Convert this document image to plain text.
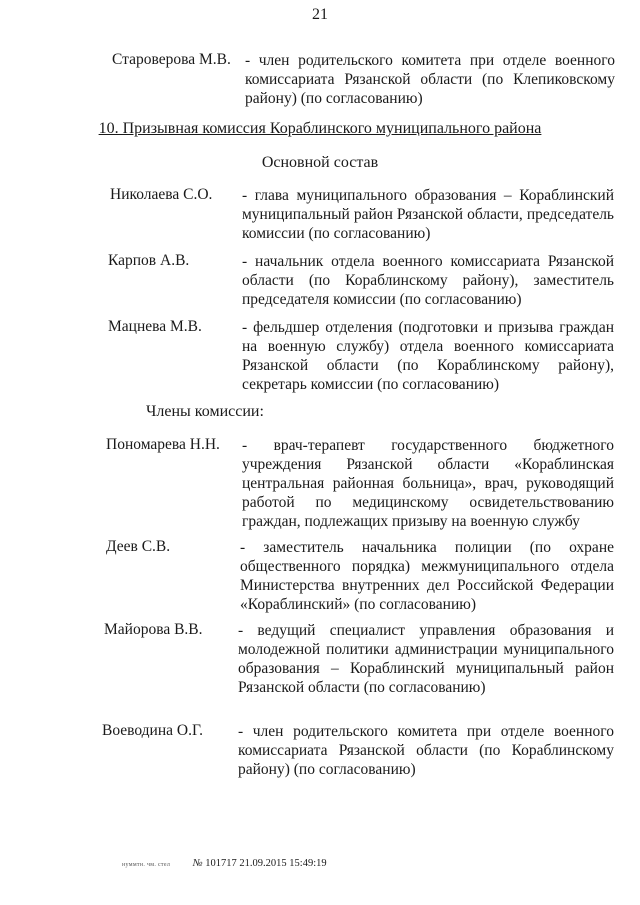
21
Староверова М.В. - член родительского комитета при отделе военного комиссариата Рязанской области (по Клепиковскому району) (по согласованию)
10. Призывная комиссия Кораблинского муниципального района
Основной состав
Николаева С.О. - глава муниципального образования – Кораблинский муниципальный район Рязанской области, председатель комиссии (по согласованию)
Карпов А.В.	- начальник отдела военного комиссариата Рязанской области (по Кораблинскому району), заместитель председателя комиссии (по согласованию)
Мацнева М.В.	- фельдшер отделения (подготовки и призыва граждан на военную службу) отдела военного комиссариата Рязанской области (по Кораблинскому району), секретарь комиссии (по согласованию)
Члены комиссии:
Пономарева Н.Н. - врач-терапевт государственного бюджетного учреждения Рязанской области «Кораблинская центральная районная больница», врач, руководящий работой по медицинскому освидетельствованию граждан, подлежащих призыву на военную службу
Деев С.В.	- заместитель начальника полиции (по охране общественного порядка) межмуниципального отдела Министерства внутренних дел Российской Федерации «Кораблинский» (по согласованию)
Майорова В.В. - ведущий специалист управления образования и молодежной политики администрации муниципального образования – Кораблинский муниципальный район Рязанской области (по согласованию)
Воеводина О.Г. - член родительского комитета при отделе военного комиссариата Рязанской области (по Кораблинскому району) (по согласованию)
нуммтн. чм. стел № 101717 21.09.2015 15:49:19
